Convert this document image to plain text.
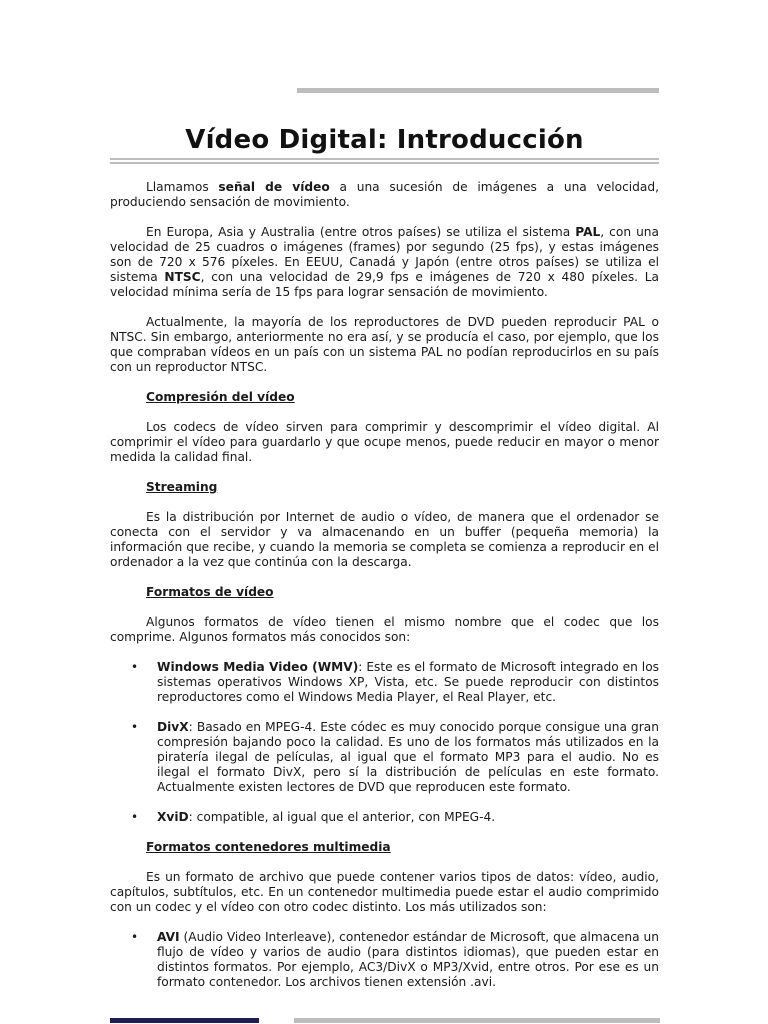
Vídeo Digital: Introducción

Llamamos señal de vídeo a una sucesión de imágenes a una velocidad, produciendo sensación de movimiento.

En Europa, Asia y Australia (entre otros países) se utiliza el sistema PAL, con una velocidad de 25 cuadros o imágenes (frames) por segundo (25 fps), y estas imágenes son de 720 x 576 píxeles. En EEUU, Canadá y Japón (entre otros países) se utiliza el sistema NTSC, con una velocidad de 29,9 fps e imágenes de 720 x 480 píxeles. La velocidad mínima sería de 15 fps para lograr sensación de movimiento.

Actualmente, la mayoría de los reproductores de DVD pueden reproducir PAL o NTSC. Sin embargo, anteriormente no era así, y se producía el caso, por ejemplo, que los que compraban vídeos en un país con un sistema PAL no podían reproducirlos en su país con un reproductor NTSC.

Compresión del vídeo

Los codecs de vídeo sirven para comprimir y descomprimir el vídeo digital. Al comprimir el vídeo para guardarlo y que ocupe menos, puede reducir en mayor o menor medida la calidad final.

Streaming

Es la distribución por Internet de audio o vídeo, de manera que el ordenador se conecta con el servidor y va almacenando en un buffer (pequeña memoria) la información que recibe, y cuando la memoria se completa se comienza a reproducir en el ordenador a la vez que continúa con la descarga.

Formatos de vídeo

Algunos formatos de vídeo tienen el mismo nombre que el codec que los comprime. Algunos formatos más conocidos son:

• Windows Media Video (WMV): Este es el formato de Microsoft integrado en los sistemas operativos Windows XP, Vista, etc. Se puede reproducir con distintos reproductores como el Windows Media Player, el Real Player, etc.
• DivX: Basado en MPEG-4. Este códec es muy conocido porque consigue una gran compresión bajando poco la calidad. Es uno de los formatos más utilizados en la piratería ilegal de películas, al igual que el formato MP3 para el audio. No es ilegal el formato DivX, pero sí la distribución de películas en este formato. Actualmente existen lectores de DVD que reproducen este formato.
• XviD: compatible, al igual que el anterior, con MPEG-4.
Formatos contenedores multimedia

Es un formato de archivo que puede contener varios tipos de datos: vídeo, audio, capítulos, subtítulos, etc. En un contenedor multimedia puede estar el audio comprimido con un codec y el vídeo con otro codec distinto. Los más utilizados son:

• AVI (Audio Video Interleave), contenedor estándar de Microsoft, que almacena un flujo de vídeo y varios de audio (para distintos idiomas), que pueden estar en distintos formatos. Por ejemplo, AC3/DivX o MP3/Xvid, entre otros. Por ese es un formato contenedor. Los archivos tienen extensión .avi.
